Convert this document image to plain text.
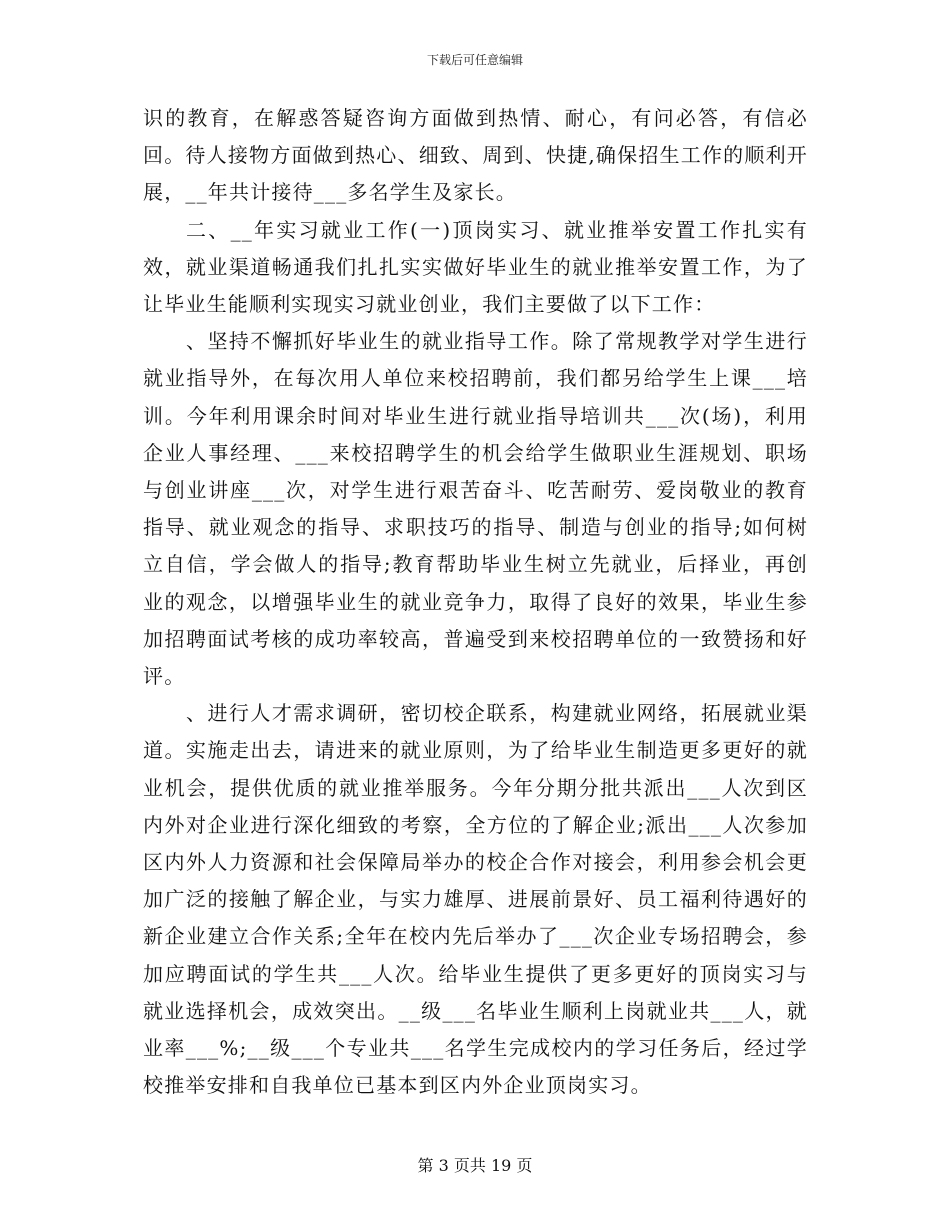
下载后可任意编辑

识的教育，在解惑答疑咨询方面做到热情、耐心，有问必答，有信必回。待人接物方面做到热心、细致、周到、快捷,确保招生工作的顺利开展，__年共计接待___多名学生及家长。

二、__年实习就业工作(一)顶岗实习、就业推举安置工作扎实有效，就业渠道畅通我们扎扎实实做好毕业生的就业推举安置工作，为了让毕业生能顺利实现实习就业创业，我们主要做了以下工作：

、坚持不懈抓好毕业生的就业指导工作。除了常规教学对学生进行就业指导外，在每次用人单位来校招聘前，我们都另给学生上课___培训。今年利用课余时间对毕业生进行就业指导培训共___次(场)，利用企业人事经理、___来校招聘学生的机会给学生做职业生涯规划、职场与创业讲座___次，对学生进行艰苦奋斗、吃苦耐劳、爱岗敬业的教育指导、就业观念的指导、求职技巧的指导、制造与创业的指导;如何树立自信，学会做人的指导;教育帮助毕业生树立先就业，后择业，再创业的观念，以增强毕业生的就业竞争力，取得了良好的效果，毕业生参加招聘面试考核的成功率较高，普遍受到来校招聘单位的一致赞扬和好评。

、进行人才需求调研，密切校企联系，构建就业网络，拓展就业渠道。实施走出去，请进来的就业原则，为了给毕业生制造更多更好的就业机会，提供优质的就业推举服务。今年分期分批共派出___人次到区内外对企业进行深化细致的考察，全方位的了解企业;派出___人次参加区内外人力资源和社会保障局举办的校企合作对接会，利用参会机会更加广泛的接触了解企业，与实力雄厚、进展前景好、员工福利待遇好的新企业建立合作关系;全年在校内先后举办了___次企业专场招聘会，参加应聘面试的学生共___人次。给毕业生提供了更多更好的顶岗实习与就业选择机会，成效突出。__级___名毕业生顺利上岗就业共___人，就业率___%;__级___个专业共___名学生完成校内的学习任务后，经过学校推举安排和自我单位已基本到区内外企业顶岗实习。

第 3 页共 19 页
